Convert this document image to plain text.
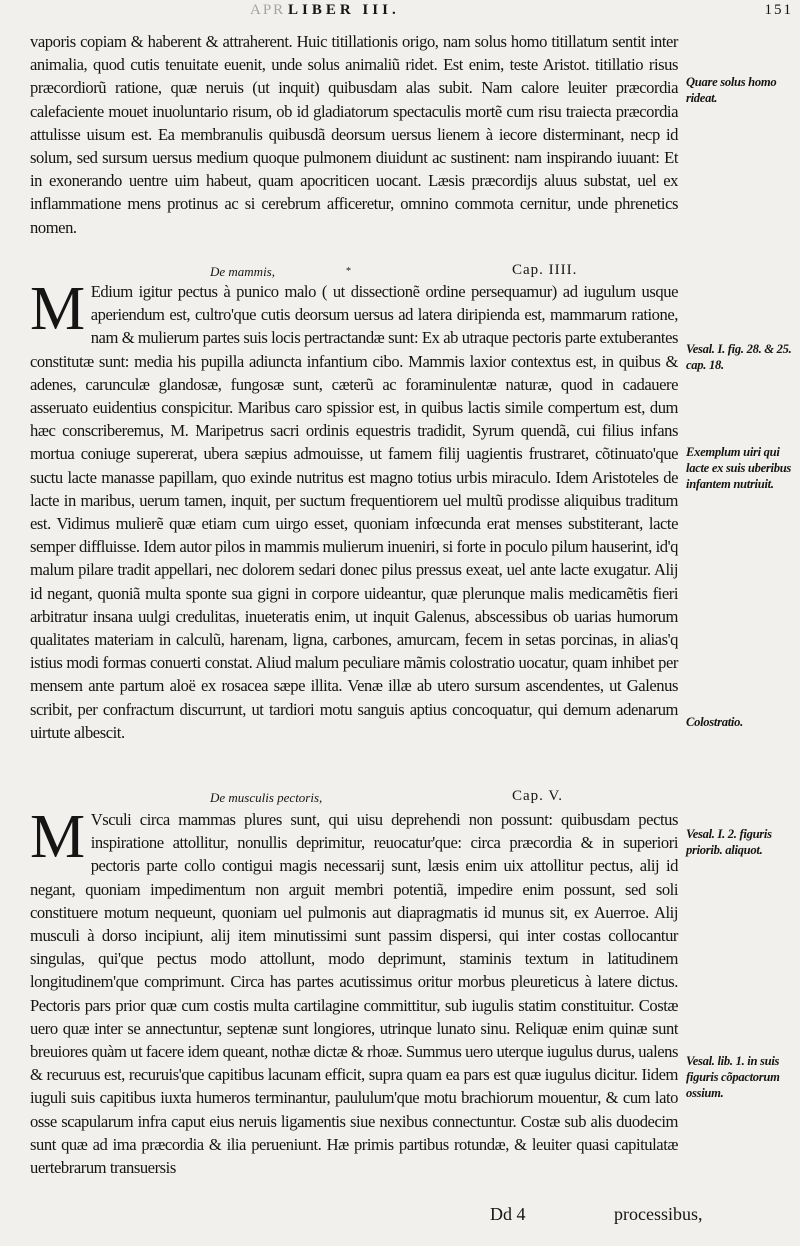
APR LIBER III.	151

vaporis copiam & haberent & attraherent. Huic titillationis origo, nam solus homo titillatum sentit inter animalia, quod cutis tenuitate euenit, unde solus animaliũ ridet. Est enim, teste Aristot. titillatio risus præcordiorũ ratione, quæ neruis (ut inquit) quibusdam alas subit. Nam calore leuiter præcordia calefaciente mouet inuoluntario risum, ob id gladiatorum spectaculis mortẽ cum risu traiecta præcordia attulisse uisum est. Ea membranulis quibusdã deorsum uersus lienem à iecore disterminant, necp id solum, sed sursum uersus medium quoque pulmonem diuidunt ac sustinent: nam inspirando iuuant: Et in exonerando uentre uim habeut, quam apocriticen uocant. Læsis præcordijs aluus substat, uel ex inflammatione mens protinus ac si cerebrum afficeretur, omnino commota cernitur, unde phrenetics nomen.

De mammis,	*	Cap. IIII.
M Edium igitur pectus à punico malo ( ut dissectionẽ ordine persequamur) ad iugulum usque aperiendum est, cultro'que cutis deorsum uersus ad latera diripienda est, mammarum ratione, nam & mulierum partes suis locis pertractandæ sunt: Ex ab utraque pectoris parte extuberantes constitutæ sunt: media his pupilla adiuncta infantium cibo. Mammis laxior contextus est, in quibus & adenes, carunculæ glandosæ, fungosæ sunt, cæterũ ac foraminulentæ naturæ, quod in cadauere asseruato euidentius conspicitur. Maribus caro spissior est, in quibus lactis simile compertum est, dum hæc conscriberemus, M. Maripetrus sacri ordinis equestris tradidit, Syrum quendã, cui filius infans mortua coniuge supererat, ubera sæpius admouisse, ut famem filij uagientis frustraret, cõtinuato'que suctu lacte manasse papillam, quo exinde nutritus est magno totius urbis miraculo. Idem Aristoteles de lacte in maribus, uerum tamen, inquit, per suctum frequentiorem uel multũ prodisse aliquibus traditum est. Vidimus mulierẽ quæ etiam cum uirgo esset, quoniam infœcunda erat menses substiterant, lacte semper diffluisse. Idem autor pilos in mammis mulierum inueniri, si forte in poculo pilum hauserint, id'q malum pilare tradit appellari, nec dolorem sedari donec pilus pressus exeat, uel ante lacte exugatur. Alij id negant, quoniã multa sponte sua gigni in corpore uideantur, quæ plerunque malis medicamẽtis fieri arbitratur insana uulgi credulitas, inueteratis enim, ut inquit Galenus, abscessibus ob uarias humorum qualitates materiam in calculũ, harenam, ligna, carbones, amurcam, fecem in setas porcinas, in alias'q istius modi formas conuerti constat. Aliud malum peculiare mãmis colostratio uocatur, quam inhibet per mensem ante partum aloë ex rosacea sæpe illita. Venæ illæ ab utero sursum ascendentes, ut Galenus scribit, per confractum discurrunt, ut tardiori motu sanguis aptius concoquatur, qui demum adenarum uirtute albescit.

De musculis pectoris,	Cap. V.
M Vsculi circa mammas plures sunt, qui uisu deprehendi non possunt: quibusdam pectus inspiratione attollitur, nonullis deprimitur, reuocatur'que: circa præcordia & in superiori pectoris parte collo contigui magis necessarij sunt, læsis enim uix attollitur pectus, alij id negant, quoniam impedimentum non arguit membri potentiã, impedire enim possunt, sed soli constituere motum nequeunt, quoniam uel pulmonis aut diapragmatis id munus sit, ex Auerroe. Alij musculi à dorso incipiunt, alij item minutissimi sunt passim dispersi, qui inter costas collocantur singulas, qui'que pectus modo attollunt, modo deprimunt, staminis textum in latitudinem longitudinem'que comprimunt. Circa has partes acutissimus oritur morbus pleureticus à latere dictus. Pectoris pars prior quæ cum costis multa cartilagine committitur, sub iugulis statim constituitur. Costæ uero quæ inter se annectuntur, septenæ sunt longiores, utrinque lunato sinu. Reliquæ enim quinæ sunt breuiores quàm ut facere idem queant, nothæ dictæ & rhoæ. Summus uero uterque iugulus durus, ualens & recuruus est, recuruis'que capitibus lacunam efficit, supra quam ea pars est quæ iugulus dicitur. Iidem iuguli suis capitibus iuxta humeros terminantur, paululum'que motu brachiorum mouentur, & cum lato osse scapularum infra caput eius neruis ligamentis siue nexibus connectuntur. Costæ sub alis duodecim sunt quæ ad ima præcordia & ilia perueniunt. Hæ primis partibus rotundæ, & leuiter quasi capitulatæ uertebrarum transuersis

Quare solus homo rideat.
Vesal. I. fig. 28. & 25. cap. 18.
Exemplum uiri qui lacte ex suis uberibus infantem nutriuit.
Colostratio.
Vesal. I. 2. figuris priorib. aliquot.
Vesal. lib. 1. in suis figuris cõpactorum ossium.
Dd 4	processibus,
